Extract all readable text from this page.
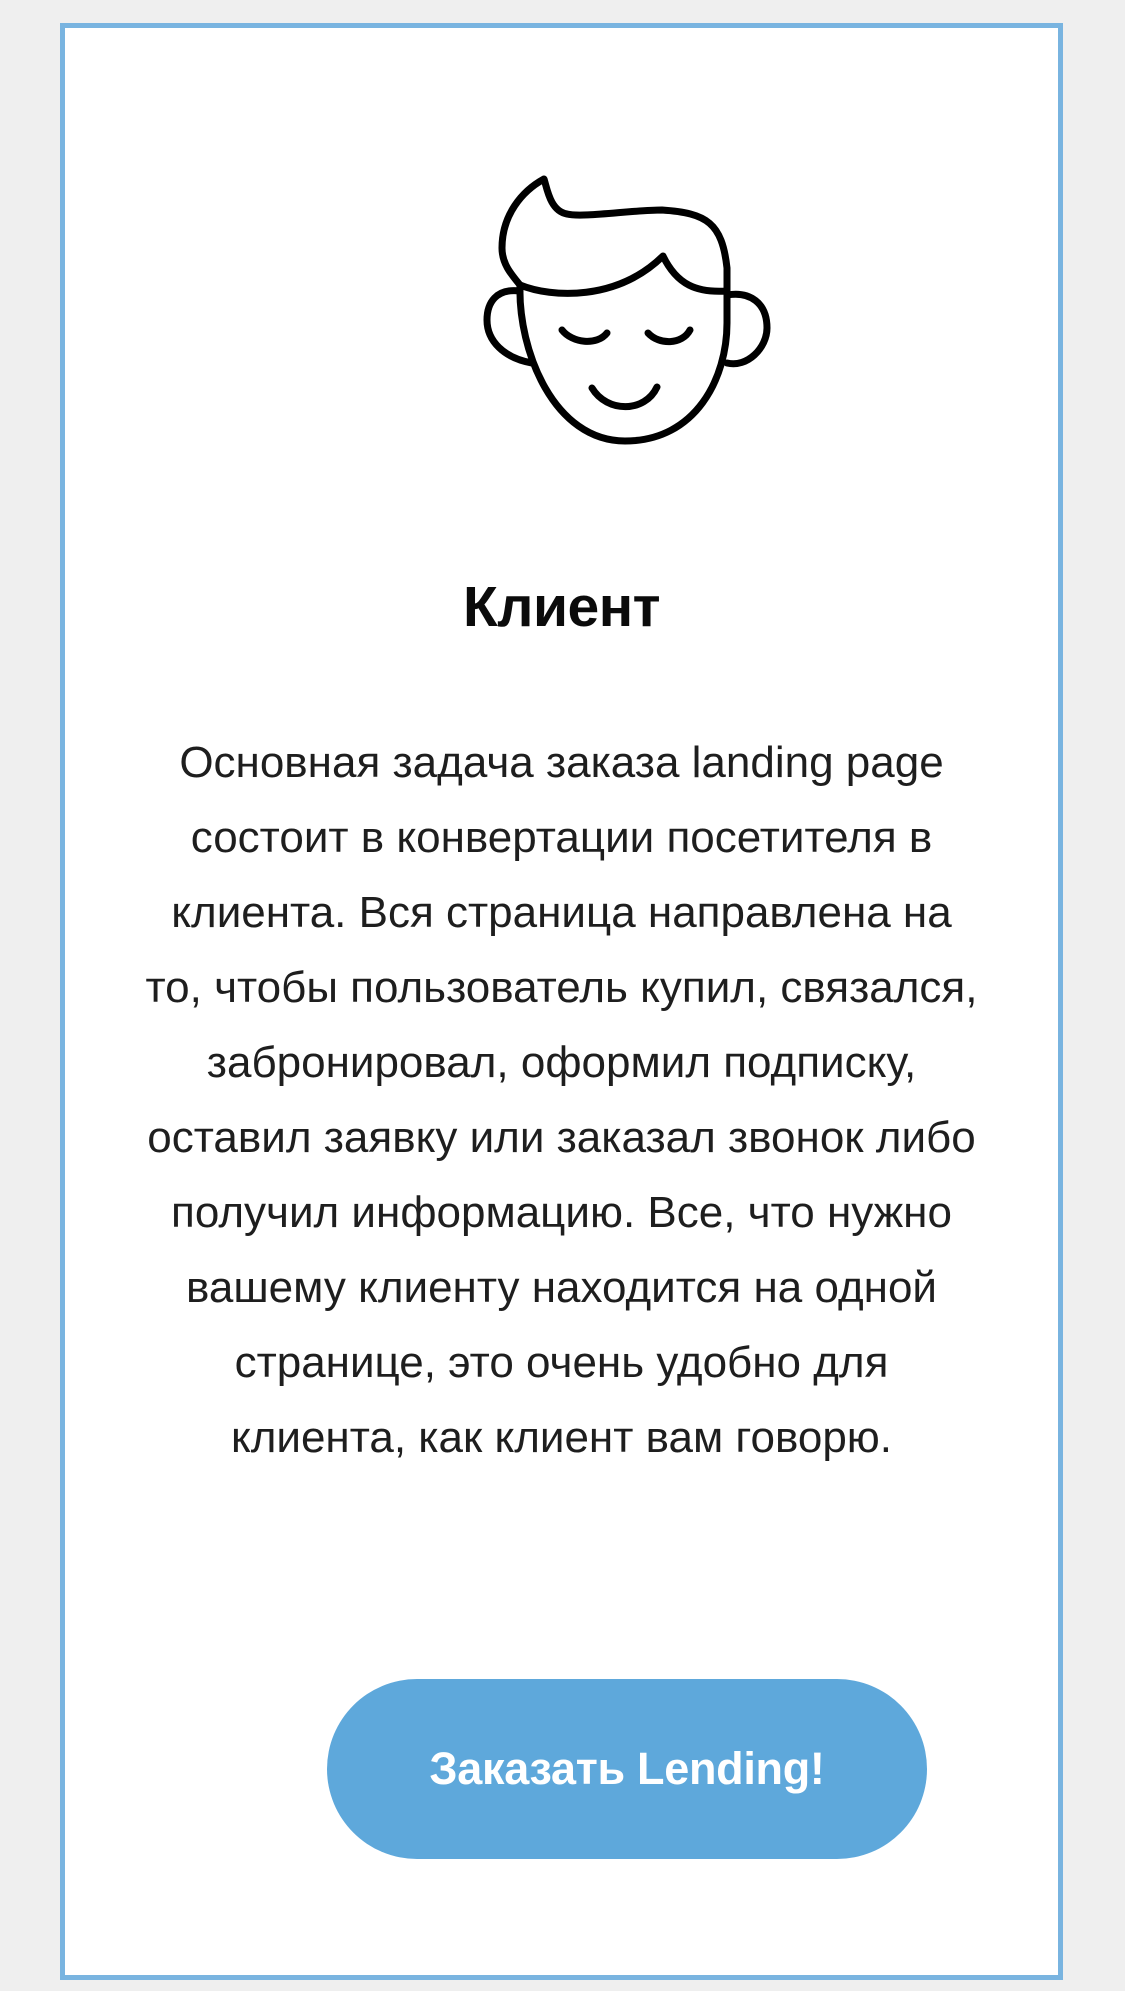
Клиент

Основная задача заказа landing page состоит в конвертации посетителя в клиента. Вся страница направлена на то, чтобы пользователь купил, связался, забронировал, оформил подписку, оставил заявку или заказал звонок либо получил информацию. Все, что нужно вашему клиенту находится на одной странице, это очень удобно для клиента, как клиент вам говорю.

Заказать Lending!
